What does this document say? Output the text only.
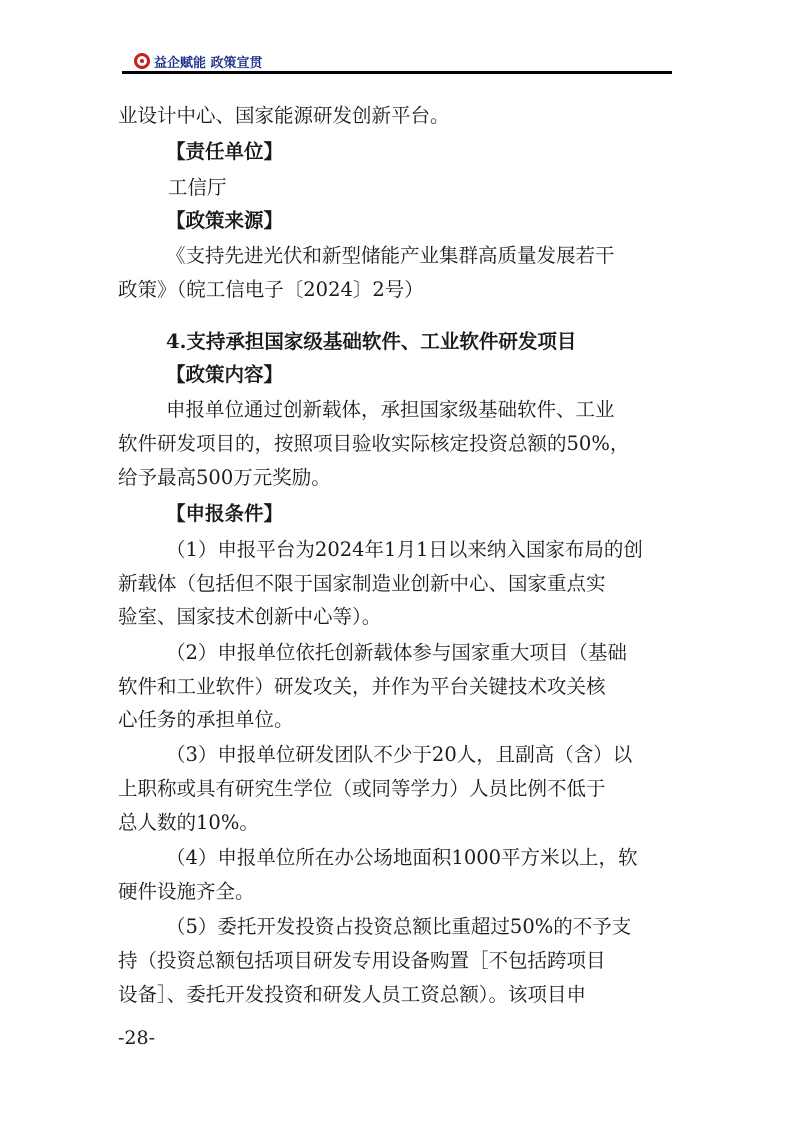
益企赋能 政策宣贯
业设计中心、国家能源研发创新平台。
【责任单位】
工信厅
【政策来源】
《支持先进光伏和新型储能产业集群高质量发展若干
政策》（皖工信电子〔2024〕2号）
4.支持承担国家级基础软件、工业软件研发项目
【政策内容】
申报单位通过创新载体，承担国家级基础软件、工业
软件研发项目的，按照项目验收实际核定投资总额的50%，
给予最高500万元奖励。
【申报条件】
（1）申报平台为2024年1月1日以来纳入国家布局的创
新载体（包括但不限于国家制造业创新中心、国家重点实
验室、国家技术创新中心等）。
（2）申报单位依托创新载体参与国家重大项目（基础
软件和工业软件）研发攻关，并作为平台关键技术攻关核
心任务的承担单位。
（3）申报单位研发团队不少于20人，且副高（含）以
上职称或具有研究生学位（或同等学力）人员比例不低于
总人数的10%。
（4）申报单位所在办公场地面积1000平方米以上，软
硬件设施齐全。
（5）委托开发投资占投资总额比重超过50%的不予支
持（投资总额包括项目研发专用设备购置［不包括跨项目
设备］、委托开发投资和研发人员工资总额）。该项目申
-28-
